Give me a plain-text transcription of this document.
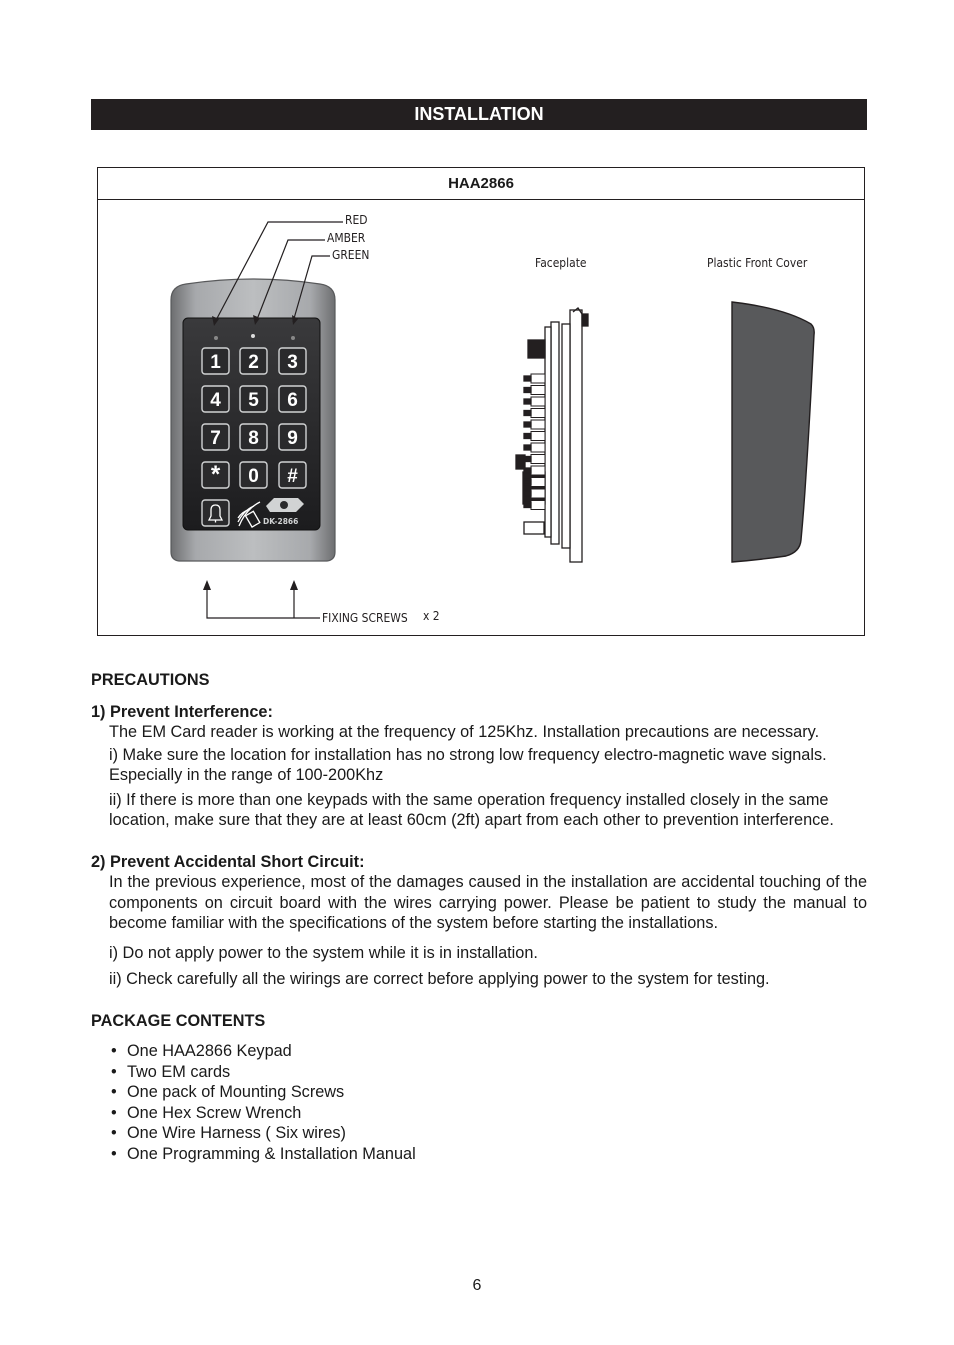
INSTALLATION
HAA2866
1 2 3
4 5 6
7 8 9
* 0 #
DK-2866
RED
AMBER
GREEN
Faceplate	Plastic Front Cover
FIXING SCREWS x 2
PRECAUTIONS
1) Prevent Interference:

The EM Card reader is working at the frequency of 125Khz. Installation precautions are necessary.

i) Make sure the location for installation has no strong low frequency electro-magnetic wave signals. Especially in the range of 100-200Khz

ii) If there is more than one keypads with the same operation frequency installed closely in the same location, make sure that they are at least 60cm (2ft) apart from each other to prevention interference.

2) Prevent Accidental Short Circuit:

In the previous experience, most of the damages caused in the installation are accidental touching of the components on circuit board with the wires carrying power. Please be patient to study the manual to become familiar with the specifications of the system before starting the installations.

i) Do not apply power to the system while it is in installation.

ii) Check carefully all the wirings are correct before applying power to the system for testing.

PACKAGE CONTENTS
• One HAA2866 Keypad
• Two EM cards
• One pack of Mounting Screws
• One Hex Screw Wrench
• One Wire Harness ( Six wires)
• One Programming & Installation Manual
6
